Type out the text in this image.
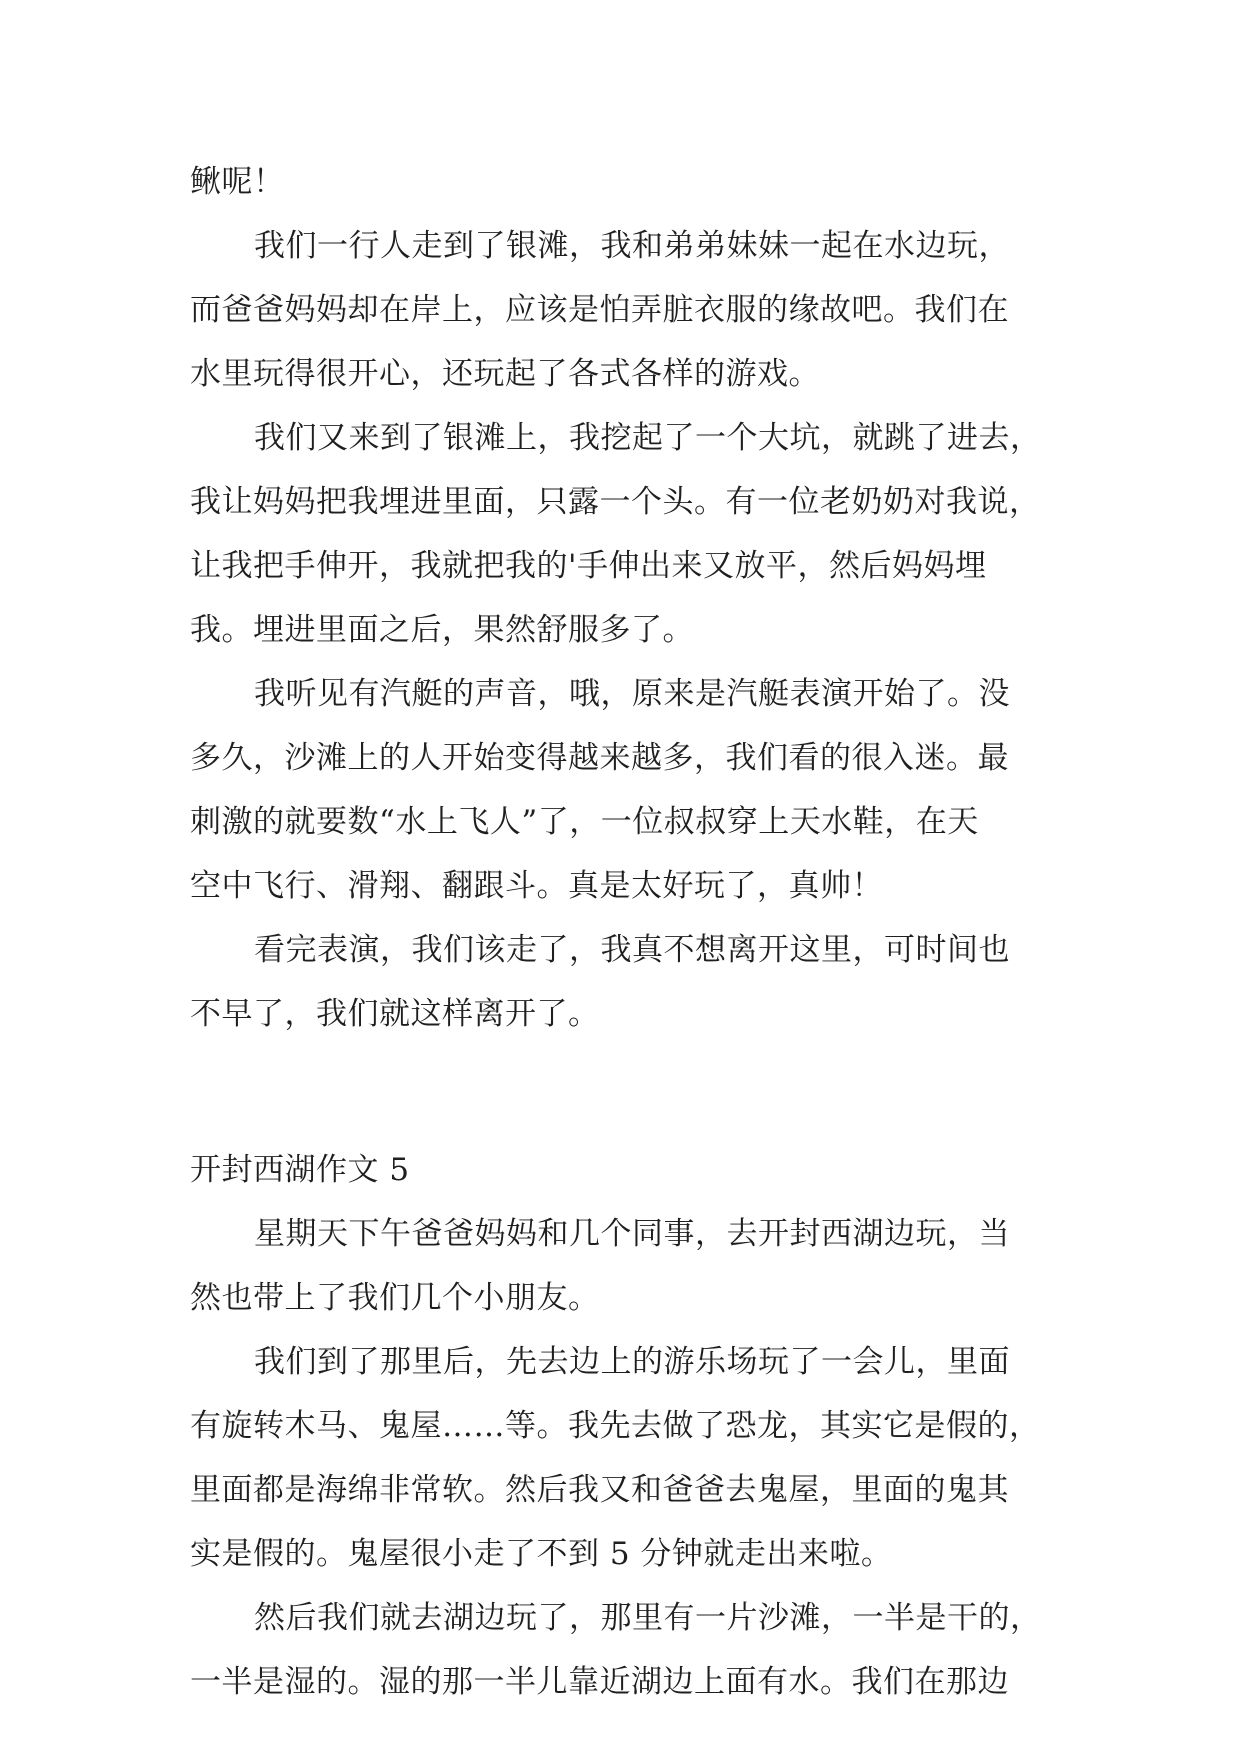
鳅呢！
我们一行人走到了银滩，我和弟弟妹妹一起在水边玩，
而爸爸妈妈却在岸上，应该是怕弄脏衣服的缘故吧。我们在
水里玩得很开心，还玩起了各式各样的游戏。
我们又来到了银滩上，我挖起了一个大坑，就跳了进去，
我让妈妈把我埋进里面，只露一个头。有一位老奶奶对我说，
让我把手伸开，我就把我的'手伸出来又放平，然后妈妈埋
我。埋进里面之后，果然舒服多了。
我听见有汽艇的声音，哦，原来是汽艇表演开始了。没
多久，沙滩上的人开始变得越来越多，我们看的很入迷。最
刺激的就要数“水上飞人”了，一位叔叔穿上天水鞋，在天
空中飞行、滑翔、翻跟斗。真是太好玩了，真帅！
看完表演，我们该走了，我真不想离开这里，可时间也
不早了，我们就这样离开了。
开封西湖作文 5
星期天下午爸爸妈妈和几个同事，去开封西湖边玩，当
然也带上了我们几个小朋友。
我们到了那里后，先去边上的游乐场玩了一会儿，里面
有旋转木马、鬼屋……等。我先去做了恐龙，其实它是假的，
里面都是海绵非常软。然后我又和爸爸去鬼屋，里面的鬼其
实是假的。鬼屋很小走了不到 5 分钟就走出来啦。
然后我们就去湖边玩了，那里有一片沙滩，一半是干的，
一半是湿的。湿的那一半儿靠近湖边上面有水。我们在那边
